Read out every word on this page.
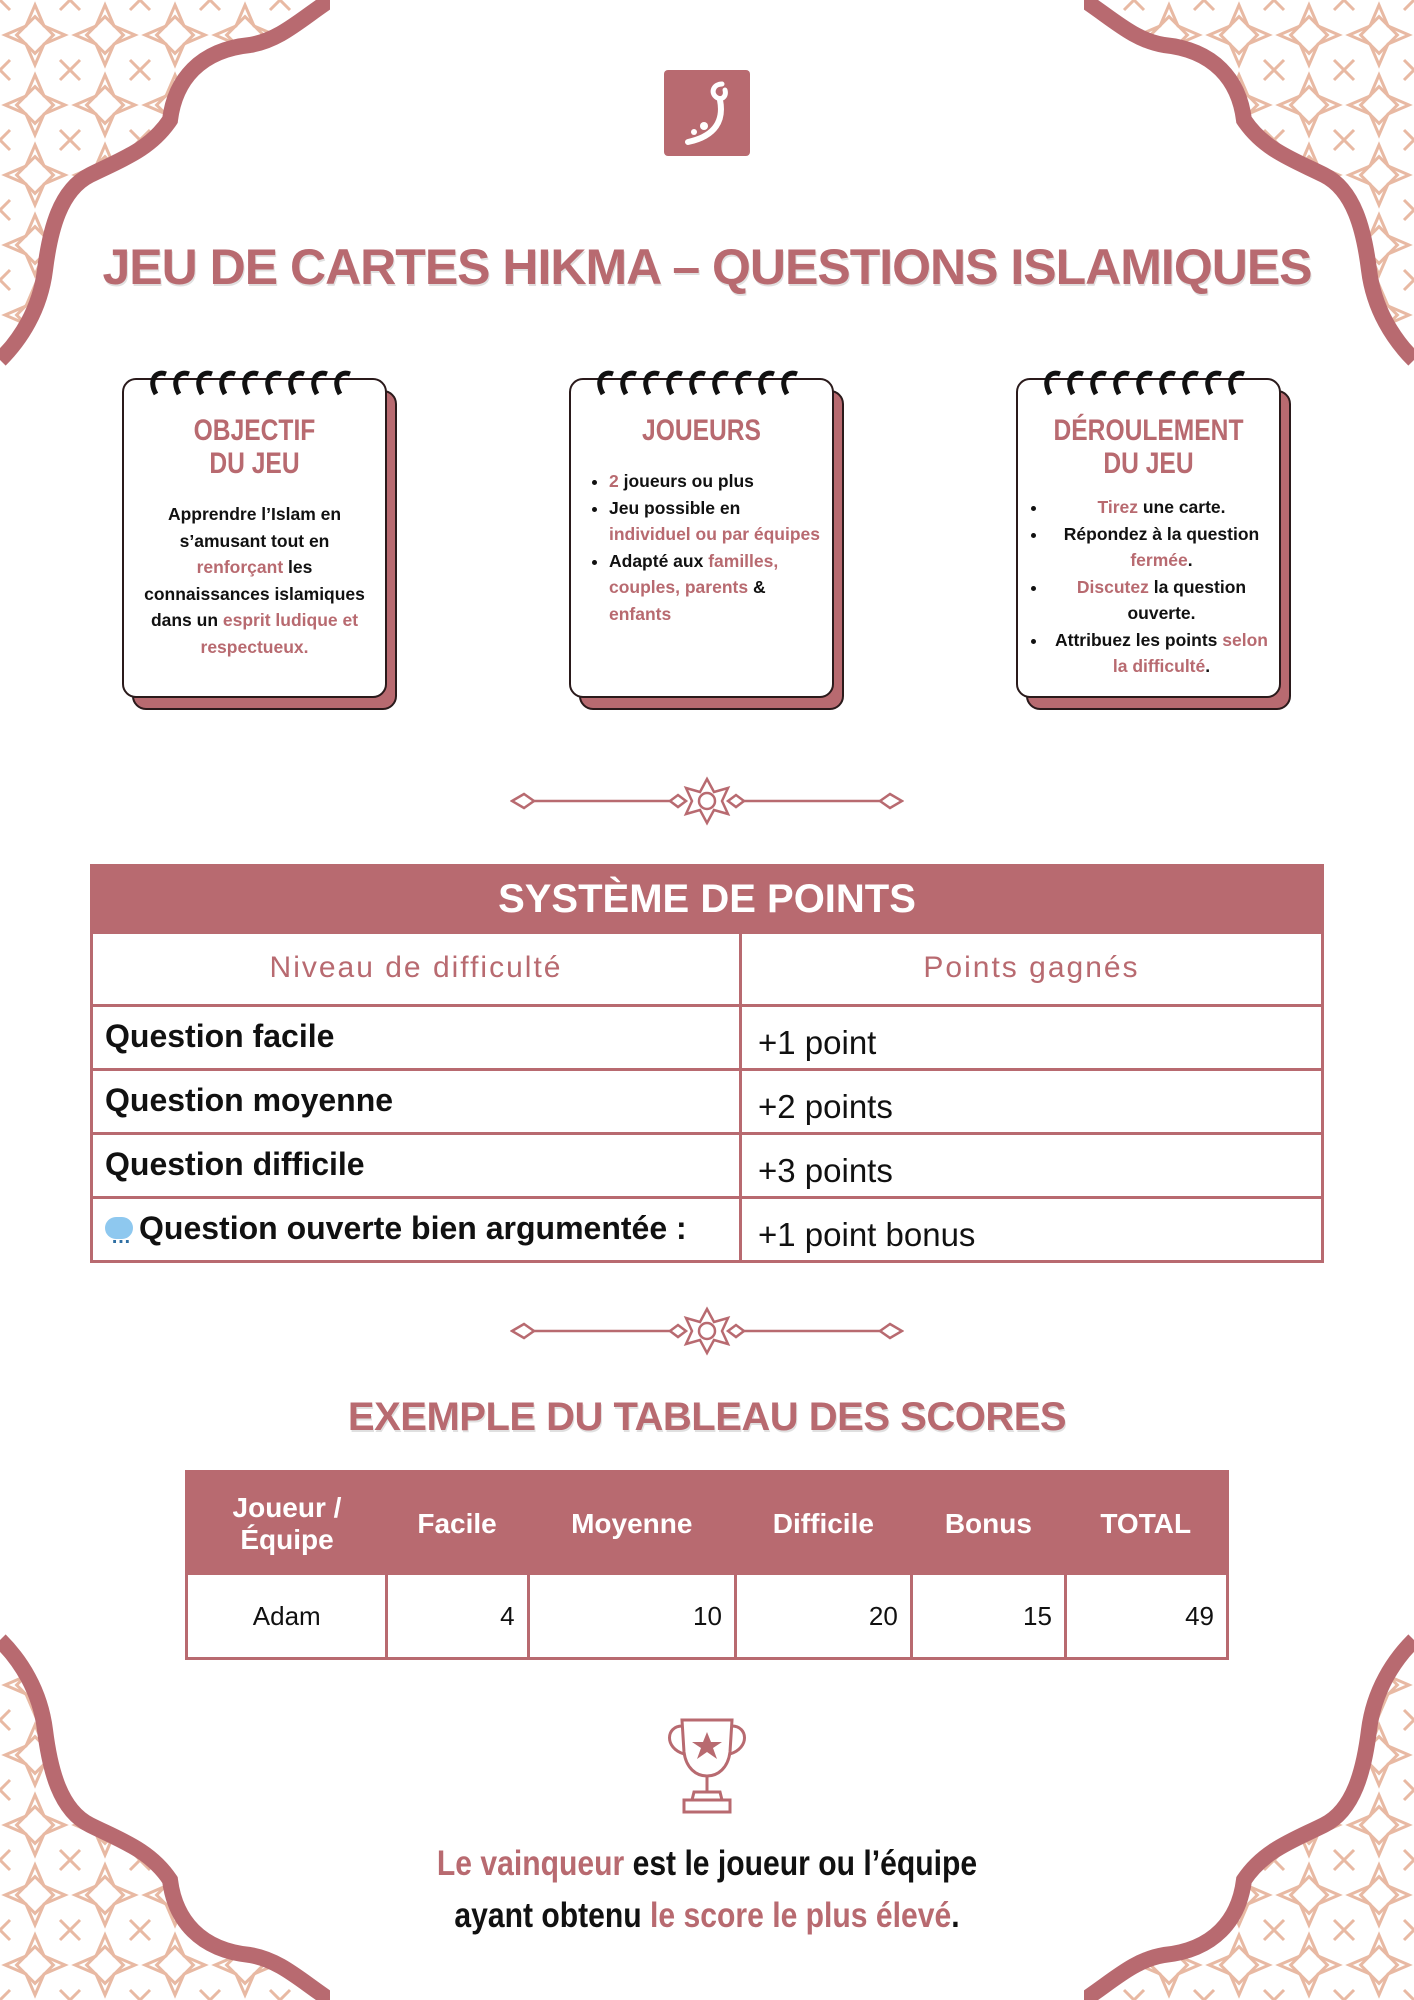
JEU DE CARTES HIKMA – QUESTIONS ISLAMIQUES
OBJECTIF
DU JEU

Apprendre l’Islam en s’amusant tout en renforçant les connaissances islamiques dans un esprit ludique et respectueux.

JOUEURS
• 2 joueurs ou plus
• Jeu possible en individuel ou par équipes
• Adapté aux familles, couples, parents & enfants
DÉROULEMENT
DU JEU
• Tirez une carte.
• Répondez à la question fermée.
• Discutez la question ouverte.
• Attribuez les points selon la difficulté.
SYSTÈME DE POINTS
Niveau de difficulté	Points gagnés
Question facile	+1 point
Question moyenne	+2 points
Question difficile	+3 points
…Question ouverte bien argumentée :	+1 point bonus
EXEMPLE DU TABLEAU DES SCORES
Joueur / Équipe	Facile	Moyenne	Difficile	Bonus	TOTAL
Adam	4	10	20	15	49
Le vainqueur est le joueur ou l’équipe
ayant obtenu le score le plus élevé.
